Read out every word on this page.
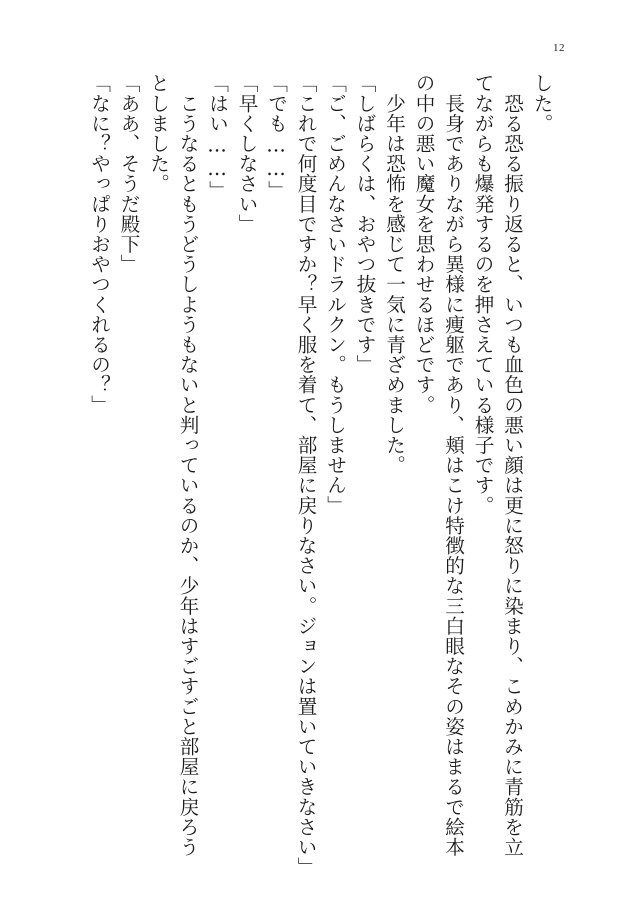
12
した。
　恐る恐る振り返ると、いつも血色の悪い顔は更に怒りに染まり、こめかみに青筋を立
てながらも爆発するのを押さえている様子です。
　長身でありながら異様に痩躯であり、頬はこけ特徴的な三白眼なその姿はまるで絵本
の中の悪い魔女を思わせるほどです。
　少年は恐怖を感じて一気に青ざめました。
「しばらくは、おやつ抜きです」
「ご、ごめんなさいドラルクン。もうしません」
「これで何度目ですか？早く服を着て、部屋に戻りなさい。ジョンは置いていきなさい」
「でも……」
「早くしなさい」
「はい……」
　こうなるともうどうしようもないと判っているのか、少年はすごすごと部屋に戻ろう
としました。
「ああ、そうだ殿下」
「なに？やっぱりおやつくれるの？」
